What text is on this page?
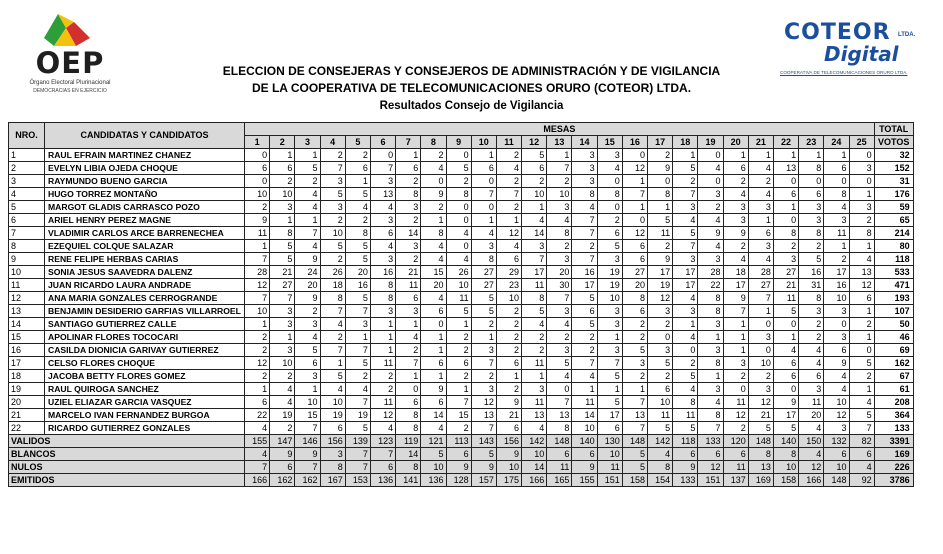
OEP
Órgano Electoral Plurinacional
DEMOCRACIAS EN EJERCICIO
COTEOR LTDA.
Digital
COOPERATIVA DE TELECOMUNICACIONES ORURO LTDA.
ELECCION DE CONSEJERAS Y CONSEJEROS DE ADMINISTRACIÓN Y DE VIGILANCIA
DE LA COOPERATIVA DE TELECOMUNICACIONES ORURO (COTEOR) LTDA.
Resultados Consejo de Vigilancia
NRO.	CANDIDATAS Y CANDIDATOS	MESAS																									TOTAL
		1	2	3	4	5	6	7	8	9	10	11	12	13	14	15	16	17	18	19	20	21	22	23	24	25	VOTOS
1	RAUL EFRAIN MARTINEZ CHANEZ	0	1	1	2	2	0	1	2	0	1	2	5	1	3	3	0	2	1	0	1	1	1	1	1	0	32
2	EVELYN LIBIA OJEDA CHOQUE	6	6	5	7	6	7	6	4	5	6	4	6	7	3	4	12	9	5	4	6	4	13	8	6	3	152
3	RAYMUNDO BUENO GARCIA	0	2	2	3	1	3	2	0	2	0	2	2	2	3	0	1	0	2	0	2	2	0	0	0	0	31
4	HUGO TORREZ MONTAÑO	10	10	4	5	5	13	8	9	8	7	7	10	10	8	8	7	8	7	3	4	4	6	6	8	1	176
5	MARGOT GLADIS CARRASCO POZO	2	3	4	3	4	4	3	2	0	0	2	1	3	4	0	1	1	3	2	3	3	1	3	4	3	59
6	ARIEL HENRY PEREZ MAGNE	9	1	1	2	2	3	2	1	0	1	1	4	4	7	2	0	5	4	4	3	1	0	3	3	2	65
7	VLADIMIR CARLOS ARCE BARRENECHEA	11	8	7	10	8	6	14	8	4	4	12	14	8	7	6	12	11	5	9	9	6	8	8	11	8	214
8	EZEQUIEL COLQUE SALAZAR	1	5	4	5	5	4	3	4	0	3	4	3	2	2	5	6	2	7	4	2	3	2	2	1	1	80
9	RENE FELIPE HERBAS CARIAS	7	5	9	2	5	3	2	4	4	8	6	7	3	7	3	6	9	3	3	4	4	3	5	2	4	118
10	SONIA JESUS SAAVEDRA DALENZ	28	21	24	26	20	16	21	15	26	27	29	17	20	16	19	27	17	17	28	18	28	27	16	17	13	533
11	JUAN RICARDO LAURA ANDRADE	12	27	20	18	16	8	11	20	10	27	23	11	30	17	19	20	19	17	22	17	27	21	31	16	12	471
12	ANA MARIA GONZALES CERROGRANDE	7	7	9	8	5	8	6	4	11	5	10	8	7	5	10	8	12	4	8	9	7	11	8	10	6	193
13	BENJAMIN DESIDERIO GARFIAS VILLARROEL	10	3	2	7	7	3	3	6	5	5	2	5	3	6	3	6	3	3	8	7	1	5	3	3	1	107
14	SANTIAGO GUTIERREZ CALLE	1	3	3	4	3	1	1	0	1	2	2	4	4	5	3	2	2	1	3	1	0	0	2	0	2	50
15	APOLINAR FLORES TOCOCARI	2	1	4	2	1	1	4	1	2	1	2	2	2	2	1	2	0	4	1	1	3	1	2	3	1	46
16	CASILDA DIONICIA GARIVAY GUTIERREZ	2	3	5	7	7	1	2	1	2	3	2	2	3	2	3	5	3	0	3	1	0	4	4	6	0	69
17	CELSO FLORES CHOQUE	12	10	6	1	5	11	7	6	6	7	6	11	5	7	7	3	5	2	8	3	10	6	4	9	5	162
18	JACOBA BETTY FLORES GOMEZ	2	2	3	5	2	2	1	1	2	2	1	1	4	4	5	2	2	5	1	2	2	6	6	4	2	67
19	RAUL QUIROGA SANCHEZ	1	4	1	4	4	2	0	9	1	3	2	3	0	1	1	1	6	4	3	0	3	0	3	4	1	61
20	UZIEL ELIAZAR GARCIA VASQUEZ	6	4	10	10	7	11	6	6	7	12	9	11	7	11	5	7	10	8	4	11	12	9	11	10	4	208
21	MARCELO IVAN FERNANDEZ BURGOA	22	19	15	19	19	12	8	14	15	13	21	13	13	14	17	13	11	11	8	12	21	17	20	12	5	364
22	RICARDO GUTIERREZ GONZALES	4	2	7	6	5	4	8	4	2	7	6	4	8	10	6	7	5	5	7	2	5	5	4	3	7	133
VALIDOS		155	147	146	156	139	123	119	121	113	143	156	142	148	140	130	148	142	118	133	120	148	140	150	132	82	3391
BLANCOS		4	9	9	3	7	7	14	5	6	5	9	10	6	6	10	5	4	6	6	6	8	8	4	6	6	169
NULOS		7	6	7	8	7	6	8	10	9	9	10	14	11	9	11	5	8	9	12	11	13	10	12	10	4	226
EMITIDOS		166	162	162	167	153	136	141	136	128	157	175	166	165	155	151	158	154	133	151	137	169	158	166	148	92	3786
